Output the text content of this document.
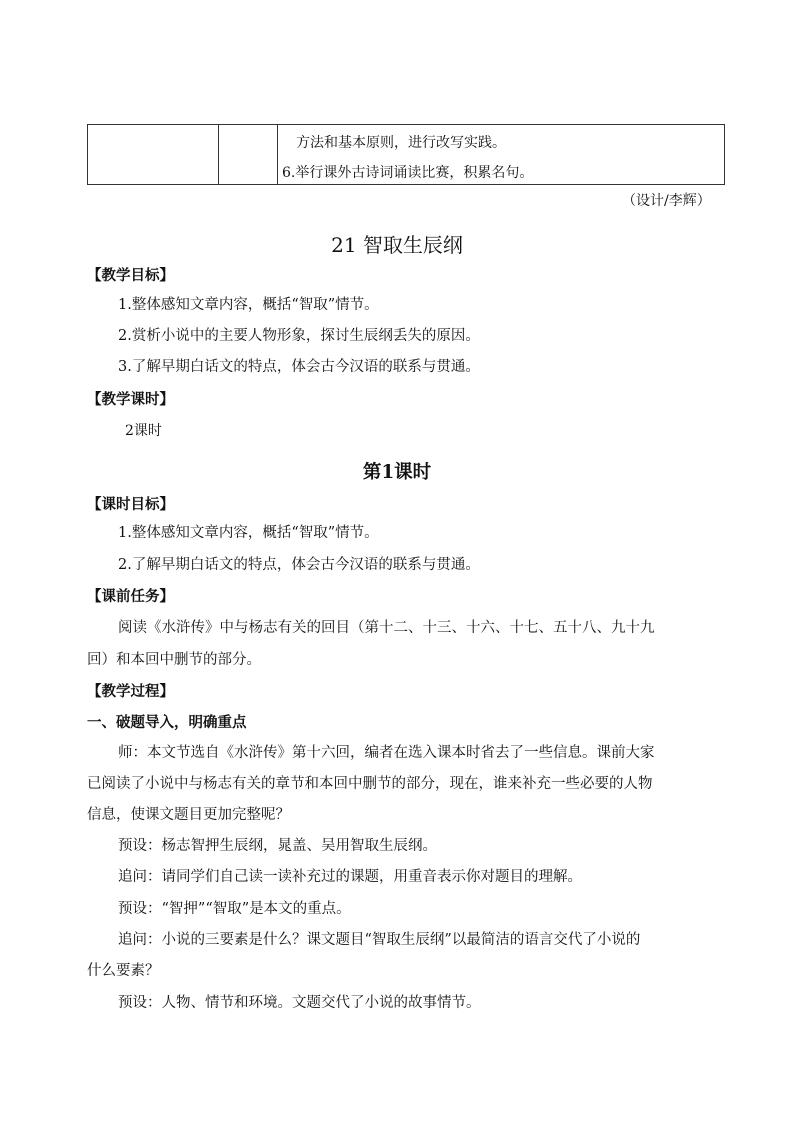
方法和基本原则，进行改写实践。
6.举行课外古诗词诵读比赛，积累名句。
（设计/李辉）
21 智取生辰纲
【教学目标】
1.整体感知文章内容，概括“智取”情节。
2.赏析小说中的主要人物形象，探讨生辰纲丢失的原因。
3.了解早期白话文的特点，体会古今汉语的联系与贯通。
【教学课时】
2课时
第1课时
【课时目标】
1.整体感知文章内容，概括“智取”情节。
2.了解早期白话文的特点，体会古今汉语的联系与贯通。
【课前任务】
阅读《水浒传》中与杨志有关的回目（第十二、十三、十六、十七、五十八、九十九
回）和本回中删节的部分。
【教学过程】
一、破题导入，明确重点
师：本文节选自《水浒传》第十六回，编者在选入课本时省去了一些信息。课前大家
已阅读了小说中与杨志有关的章节和本回中删节的部分，现在，谁来补充一些必要的人物
信息，使课文题目更加完整呢？
预设：杨志智押生辰纲，晁盖、吴用智取生辰纲。
追问：请同学们自己读一读补充过的课题，用重音表示你对题目的理解。
预设：“智押”“智取”是本文的重点。
追问：小说的三要素是什么？课文题目“智取生辰纲”以最简洁的语言交代了小说的
什么要素？
预设：人物、情节和环境。文题交代了小说的故事情节。
